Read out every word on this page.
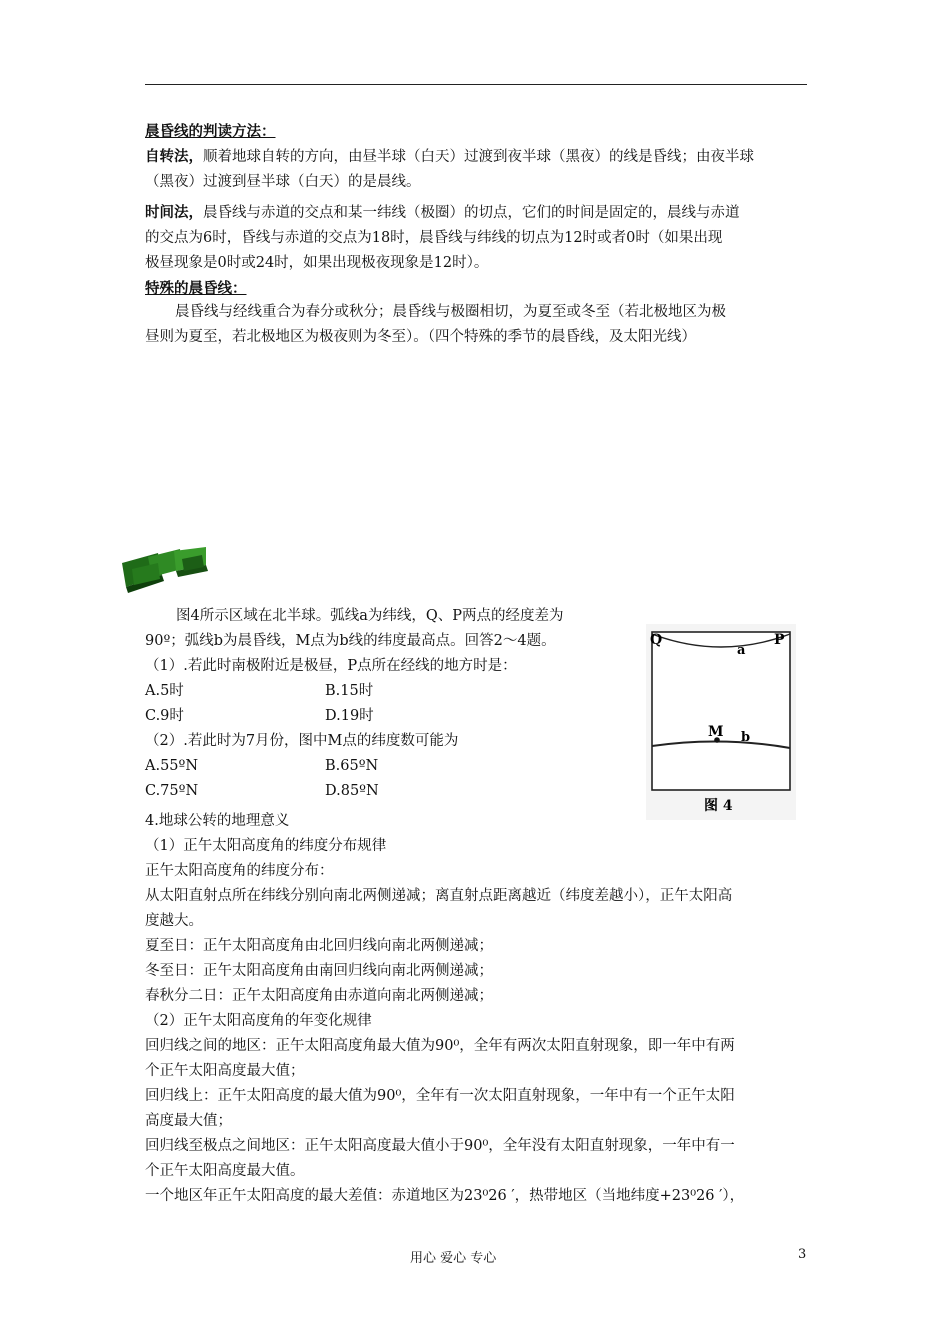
晨昏线的判读方法：
自转法，顺着地球自转的方向，由昼半球（白天）过渡到夜半球（黑夜）的线是昏线；由夜半球
（黑夜）过渡到昼半球（白天）的是晨线。
时间法，晨昏线与赤道的交点和某一纬线（极圈）的切点，它们的时间是固定的，晨线与赤道
的交点为6时，昏线与赤道的交点为18时，晨昏线与纬线的切点为12时或者0时（如果出现
极昼现象是0时或24时，如果出现极夜现象是12时）。
特殊的晨昏线：
晨昏线与经线重合为春分或秋分；晨昏线与极圈相切，为夏至或冬至（若北极地区为极
昼则为夏至，若北极地区为极夜则为冬至）。（四个特殊的季节的晨昏线，及太阳光线）
图4所示区域在北半球。弧线a为纬线，Q、P两点的经度差为
90º；弧线b为晨昏线，M点为b线的纬度最高点。回答2～4题。
（1）.若此时南极附近是极昼，P点所在经线的地方时是：
A.5时	B.15时
C.9时	D.19时
（2）.若此时为7月份，图中M点的纬度数可能为
A.55ºN	B.65ºN
C.75ºN	D.85ºN
Q	P
a
M b
图 4
4.地球公转的地理意义
（1）正午太阳高度角的纬度分布规律
正午太阳高度角的纬度分布：
从太阳直射点所在纬线分别向南北两侧递减；离直射点距离越近（纬度差越小），正午太阳高
度越大。
夏至日：正午太阳高度角由北回归线向南北两侧递减；
冬至日：正午太阳高度角由南回归线向南北两侧递减；
春秋分二日：正午太阳高度角由赤道向南北两侧递减；
（2）正午太阳高度角的年变化规律
回归线之间的地区：正午太阳高度角最大值为90⁰，全年有两次太阳直射现象，即一年中有两
个正午太阳高度最大值；
回归线上：正午太阳高度的最大值为90⁰，全年有一次太阳直射现象，一年中有一个正午太阳
高度最大值；
回归线至极点之间地区：正午太阳高度最大值小于90⁰，全年没有太阳直射现象，一年中有一
个正午太阳高度最大值。
一个地区年正午太阳高度的最大差值：赤道地区为23⁰26 ′，热带地区（当地纬度+23⁰26 ′），
用心 爱心 专心	3
